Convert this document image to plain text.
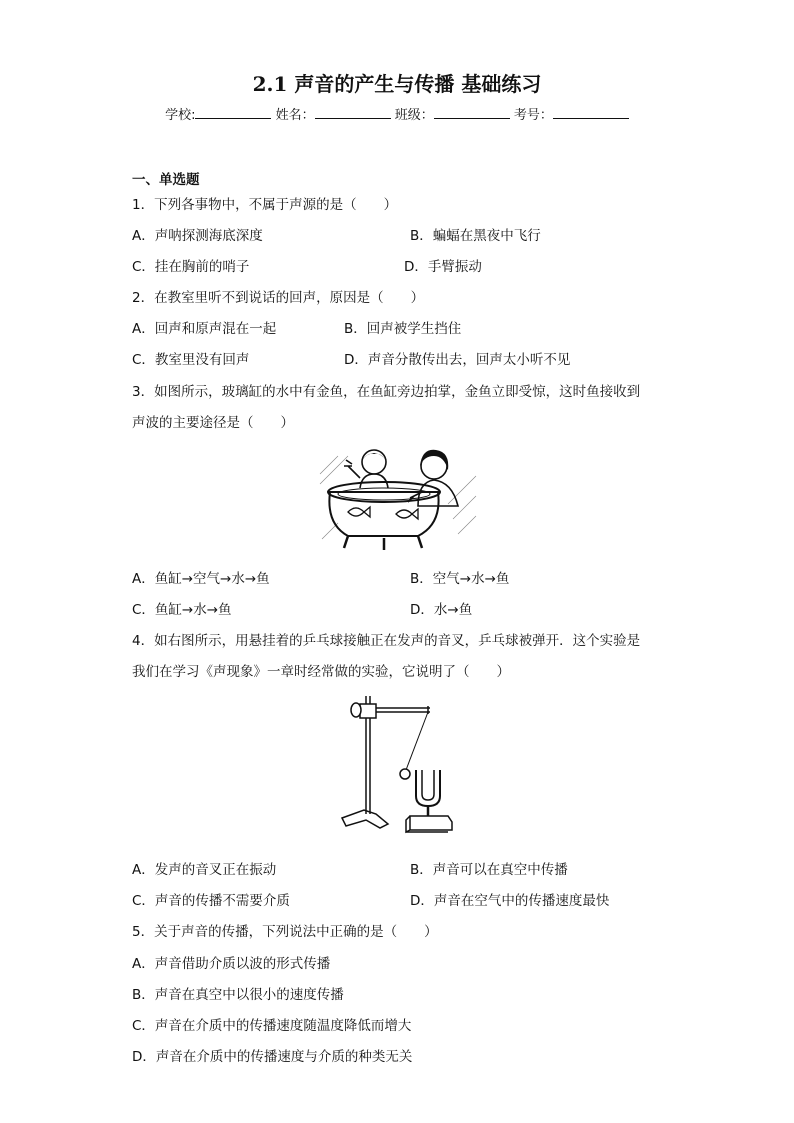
2.1 声音的产生与传播 基础练习
学校:	姓名：	班级：	考号：
一、单选题
1．下列各事物中，不属于声源的是（　　）
A．声呐探测海底深度	B．蝙蝠在黑夜中飞行
C．挂在胸前的哨子	D．手臂振动
2．在教室里听不到说话的回声，原因是（　　）
A．回声和原声混在一起	B．回声被学生挡住
C．教室里没有回声	D．声音分散传出去，回声太小听不见
3．如图所示，玻璃缸的水中有金鱼，在鱼缸旁边拍掌，金鱼立即受惊，这时鱼接收到
声波的主要途径是（　　）
A．鱼缸→空气→水→鱼	B．空气→水→鱼
C．鱼缸→水→鱼	D．水→鱼
4．如右图所示，用悬挂着的乒乓球接触正在发声的音叉，乒乓球被弹开．这个实验是
我们在学习《声现象》一章时经常做的实验，它说明了（　　）
A．发声的音叉正在振动	B．声音可以在真空中传播
C．声音的传播不需要介质	D．声音在空气中的传播速度最快
5．关于声音的传播，下列说法中正确的是（　　）
A．声音借助介质以波的形式传播
B．声音在真空中以很小的速度传播
C．声音在介质中的传播速度随温度降低而增大
D．声音在介质中的传播速度与介质的种类无关
